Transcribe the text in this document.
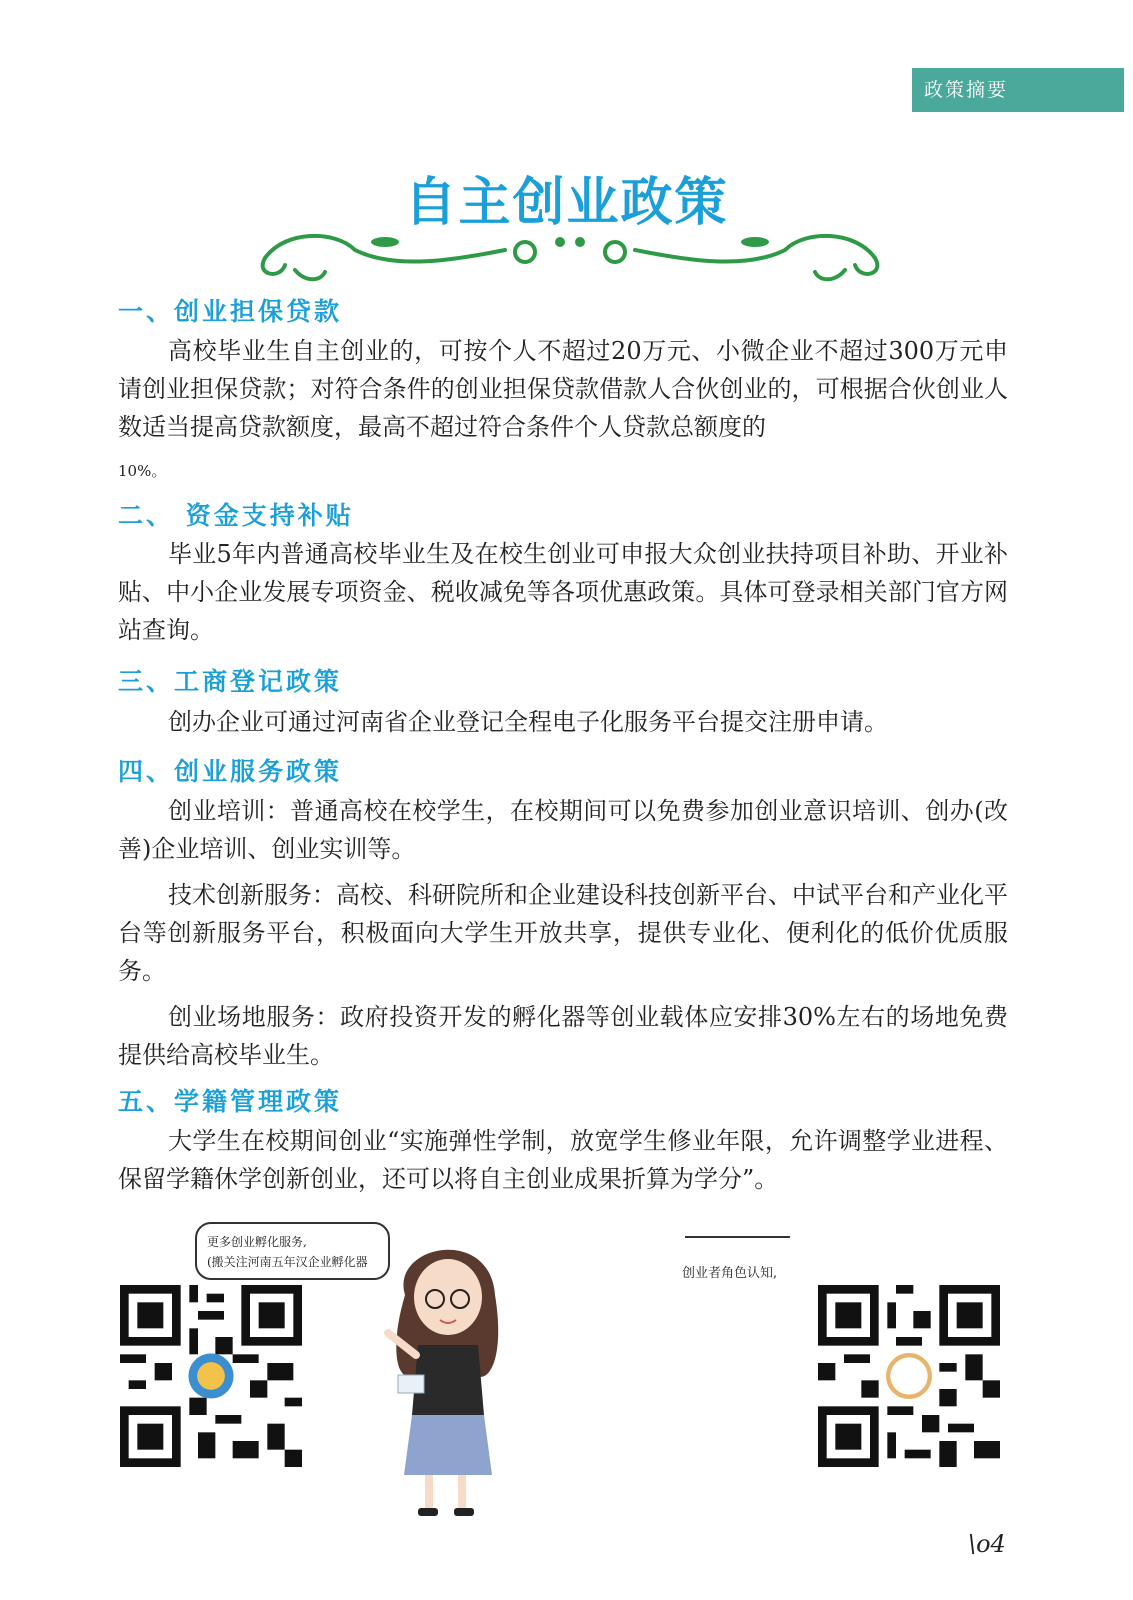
政策摘要
自主创业政策
一、创业担保贷款

高校毕业生自主创业的，可按个人不超过20万元、小微企业不超过300万元申请创业担保贷款；对符合条件的创业担保贷款借款人合伙创业的，可根据合伙创业人数适当提高贷款额度，最高不超过符合条件个人贷款总额度的

10%。

二、 资金支持补贴

毕业5年内普通高校毕业生及在校生创业可申报大众创业扶持项目补助、开业补贴、中小企业发展专项资金、税收减免等各项优惠政策。具体可登录相关部门官方网站查询。

三、工商登记政策

创办企业可通过河南省企业登记全程电子化服务平台提交注册申请。

四、创业服务政策

创业培训：普通高校在校学生，在校期间可以免费参加创业意识培训、创办(改善)企业培训、创业实训等。

技术创新服务：高校、科研院所和企业建设科技创新平台、中试平台和产业化平台等创新服务平台，积极面向大学生开放共享，提供专业化、便利化的低价优质服务。

创业场地服务：政府投资开发的孵化器等创业载体应安排30%左右的场地免费提供给高校毕业生。

五、学籍管理政策

大学生在校期间创业“实施弹性学制，放宽学生修业年限，允许调整学业进程、保留学籍休学创新创业，还可以将自主创业成果折算为学分”。

更多创业孵化服务,
(搬关注河南五年汉企业孵化器
创业者角色认知,
\o4
